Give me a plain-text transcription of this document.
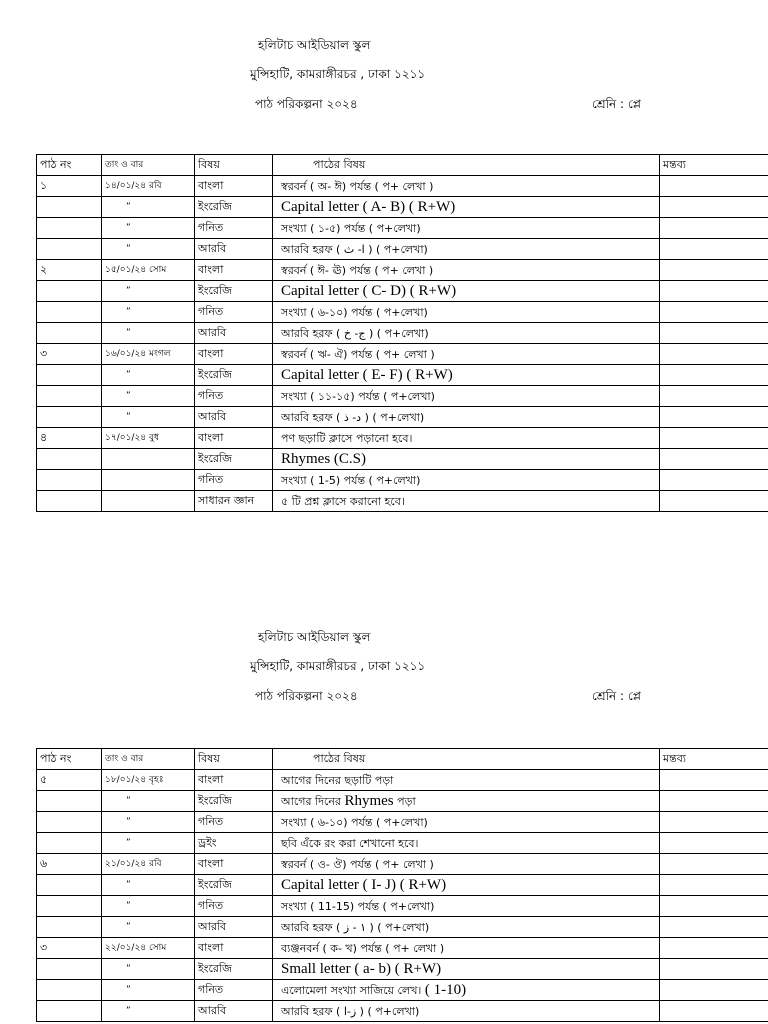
হলিটাচ আইডিয়াল স্কুল
মুন্সিহাটি, কামরাঙ্গীরচর , ঢাকা ১২১১
পাঠ পরিকল্পনা ২০২৪	শ্রেনি : প্লে
পাঠ নং	তাং ও বার	বিষয়	পাঠের বিষয়	মন্তব্য
১	১৪/০১/২৪ রবি	বাংলা	স্বরবর্ন ( অ- ঈ) পর্যন্ত ( প+ লেখা )	
	”	ইংরেজি	Capital letter ( A- B) ( R+W)	
	”	গনিত	সংখ্যা ( ১-৫) পর্যন্ত ( প+লেখা)	
	”	আরবি	আরবি হরফ ( ا- ث ) ( প+লেখা)	
২	১৫/০১/২৪ সোম	বাংলা	স্বরবর্ন ( ঈ- ঊ) পর্যন্ত ( প+ লেখা )	
	”	ইংরেজি	Capital letter ( C- D) ( R+W)	
	”	গনিত	সংখ্যা ( ৬-১০) পর্যন্ত ( প+লেখা)	
	”	আরবি	আরবি হরফ ( ج- خ ) ( প+লেখা)	
৩	১৬/০১/২৪ মংগল	বাংলা	স্বরবর্ন ( ঋ- ঐ) পর্যন্ত ( প+ লেখা )	
	”	ইংরেজি	Capital letter ( E- F) ( R+W)	
	”	গনিত	সংখ্যা ( ১১-১৫) পর্যন্ত ( প+লেখা)	
	”	আরবি	আরবি হরফ ( د- ذ ) ( প+লেখা)	
৪	১৭/০১/২৪ বুধ	বাংলা	পণ ছড়াটি ক্লাসে পড়ানো হবে।	
		ইংরেজি	Rhymes (C.S)	
		গনিত	সংখ্যা ( 1-5) পর্যন্ত ( প+লেখা)	
		সাধারন জ্ঞান	৫ টি প্রশ্ন ক্লাসে করানো হবে।	
হলিটাচ আইডিয়াল স্কুল
মুন্সিহাটি, কামরাঙ্গীরচর , ঢাকা ১২১১
পাঠ পরিকল্পনা ২০২৪	শ্রেনি : প্লে
পাঠ নং	তাং ও বার	বিষয়	পাঠের বিষয়	মন্তব্য
৫	১৮/০১/২৪ বৃহঃ	বাংলা	আগের দিনের ছড়াটি পড়া	
	”	ইংরেজি	আগের দিনের Rhymes পড়া	
	”	গনিত	সংখ্যা ( ৬-১০) পর্যন্ত ( প+লেখা)	
	”	ড্রইং	ছবি এঁকে রং করা শেখানো হবে।	
৬	২১/০১/২৪ রবি	বাংলা	স্বরবর্ন ( ও- ঔ) পর্যন্ত ( প+ লেখা )	
	”	ইংরেজি	Capital letter ( I- J) ( R+W)	
	”	গনিত	সংখ্যা ( 11-15) পর্যন্ত ( প+লেখা)	
	”	আরবি	আরবি হরফ ( ١ - ز ) ( প+লেখা)	
৩	২২/০১/২৪ সোম	বাংলা	ব্যঞ্জনবর্ন ( ক- খ) পর্যন্ত ( প+ লেখা )	
	”	ইংরেজি	Small letter ( a- b) ( R+W)	
	”	গনিত	এলোমেলা সংখ্যা সাজিয়ে লেখ। ( 1-10)	
	”	আরবি	আরবি হরফ ( ز-ا ) ( প+লেখা)	
